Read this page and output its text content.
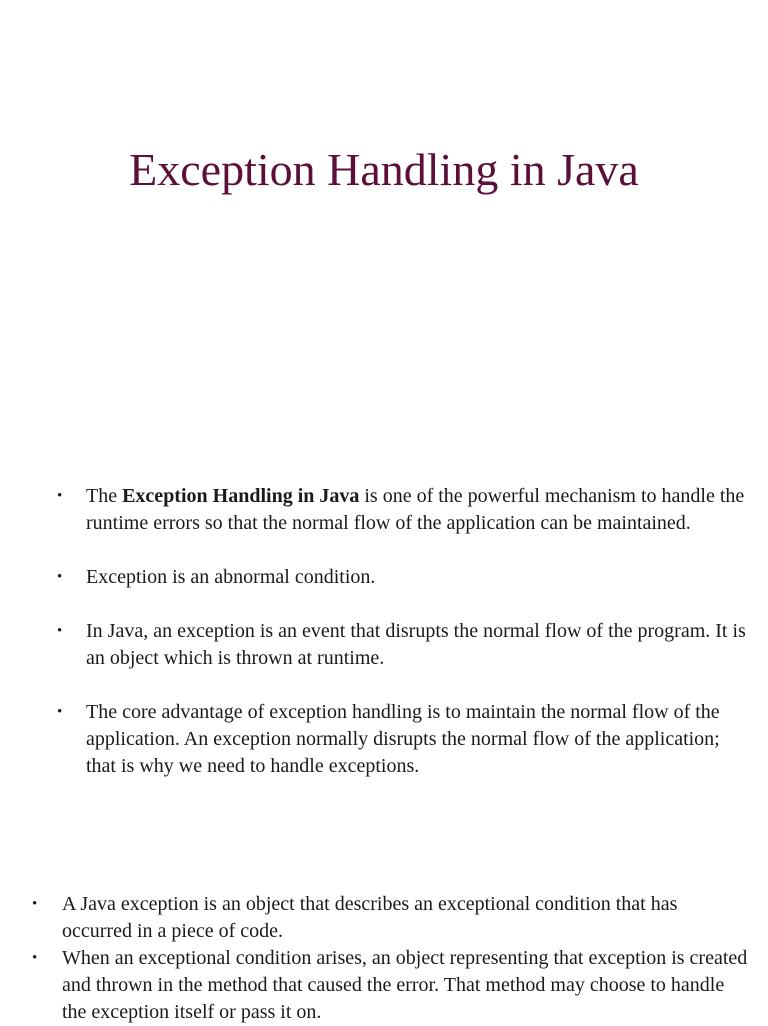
Exception Handling in Java
• The Exception Handling in Java is one of the powerful mechanism to handle the runtime errors so that the normal flow of the application can be maintained.
• Exception is an abnormal condition.
• In Java, an exception is an event that disrupts the normal flow of the program. It is an object which is thrown at runtime.
• The core advantage of exception handling is to maintain the normal flow of the application. An exception normally disrupts the normal flow of the application; that is why we need to handle exceptions.
• A Java exception is an object that describes an exceptional condition that has occurred in a piece of code.
• When an exceptional condition arises, an object representing that exception is created and thrown in the method that caused the error. That method may choose to handle the exception itself or pass it on.
